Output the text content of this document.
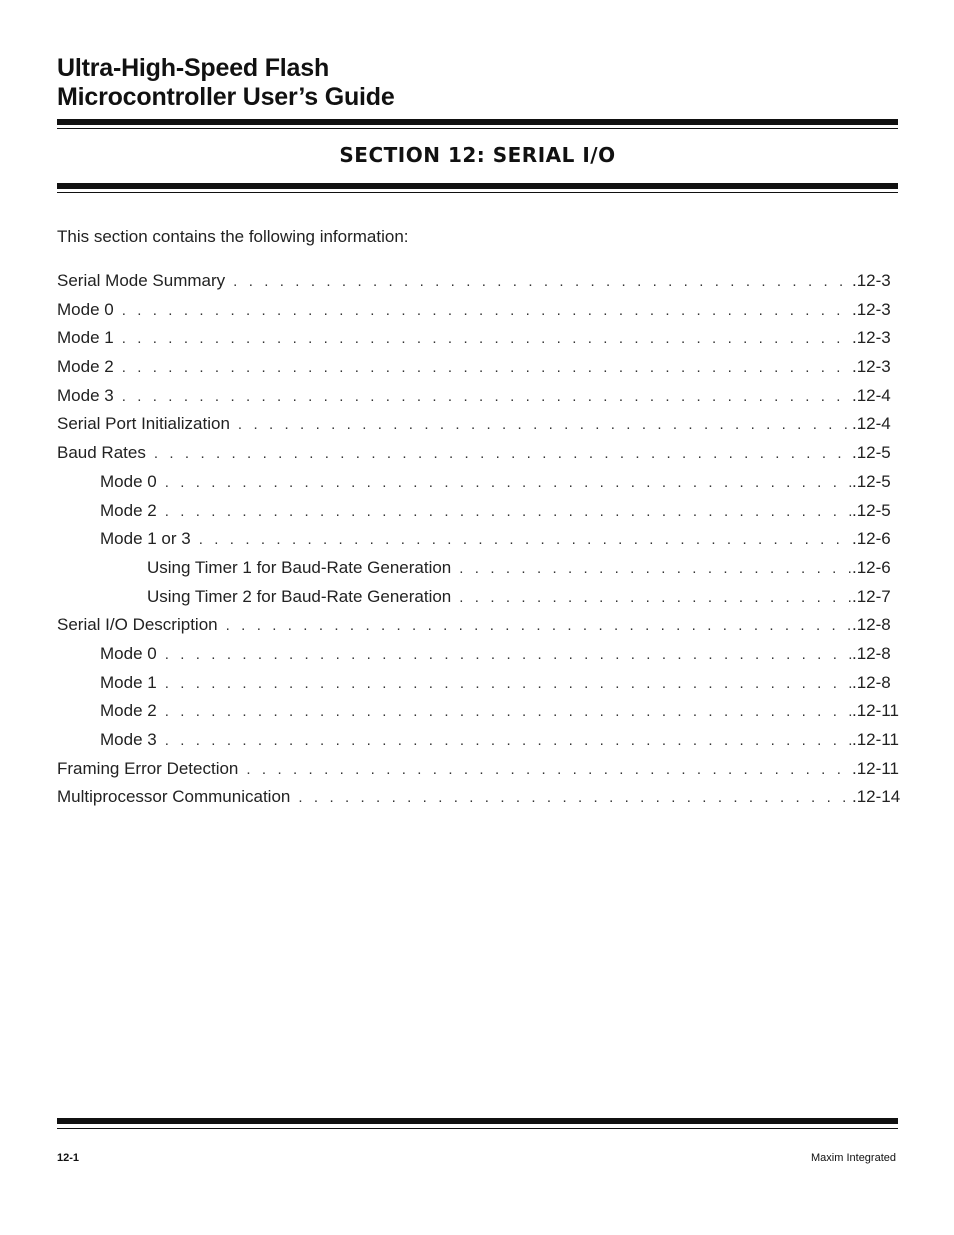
Ultra-High-Speed Flash
Microcontroller User’s Guide
SECTION 12: SERIAL I/O
This section contains the following information:
Serial Mode Summary . . .	.12-3
Mode 0 . . .	.12-3
Mode 1 . . .	.12-3
Mode 2 . . .	.12-3
Mode 3 . . .	.12-4
Serial Port Initialization . . .	.12-4
Baud Rates . . .	.12-5
Mode 0 . . .	.12-5
Mode 2 . . .	.12-5
Mode 1 or 3 . . .	.12-6
Using Timer 1 for Baud-Rate Generation . . .	.12-6
Using Timer 2 for Baud-Rate Generation . . .	.12-7
Serial I/O Description . . .	.12-8
Mode 0 . . .	.12-8
Mode 1 . . .	.12-8
Mode 2 . . .	.12-11
Mode 3 . . .	.12-11
Framing Error Detection . . .	.12-11
Multiprocessor Communication . . .	.12-14
12-1	Maxim Integrated
